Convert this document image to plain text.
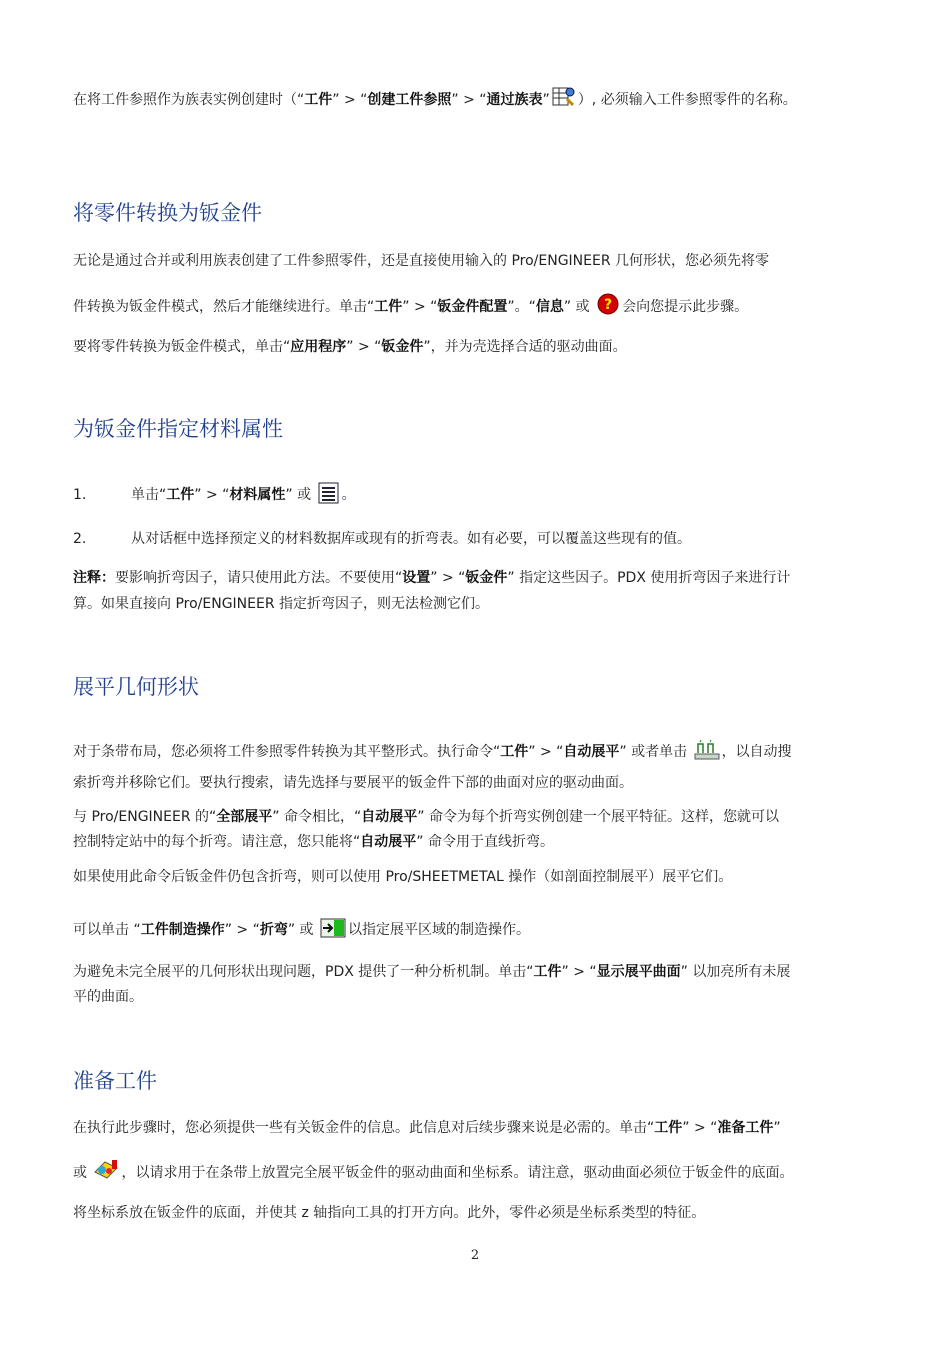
在将工件参照作为族表实例创建时（“工件” > “创建工件参照” > “通过族表” ）, 必须输入工件参照零件的名称。
将零件转换为钣金件
无论是通过合并或利用族表创建了工件参照零件，还是直接使用输入的 Pro/ENGINEER 几何形状，您必须先将零
件转换为钣金件模式，然后才能继续进行。单击“工件” > “钣金件配置”。“信息” 或 ? 会向您提示此步骤。
要将零件转换为钣金件模式，单击“应用程序” > “钣金件”，并为壳选择合适的驱动曲面。
为钣金件指定材料属性
1.	单击“工件” > “材料属性” 或 。
2.	从对话框中选择预定义的材料数据库或现有的折弯表。如有必要，可以覆盖这些现有的值。
注释：要影响折弯因子，请只使用此方法。不要使用“设置” > “钣金件” 指定这些因子。PDX 使用折弯因子来进行计
算。如果直接向 Pro/ENGINEER 指定折弯因子，则无法检测它们。
展平几何形状
对于条带布局，您必须将工件参照零件转换为其平整形式。执行命令“工件” > “自动展平” 或者单击 ，以自动搜
索折弯并移除它们。要执行搜索，请先选择与要展平的钣金件下部的曲面对应的驱动曲面。
与 Pro/ENGINEER 的“全部展平” 命令相比，“自动展平” 命令为每个折弯实例创建一个展平特征。这样，您就可以
控制特定站中的每个折弯。请注意，您只能将“自动展平” 命令用于直线折弯。
如果使用此命令后钣金件仍包含折弯，则可以使用 Pro/SHEETMETAL 操作（如剖面控制展平）展平它们。
可以单击 “工件制造操作” > “折弯” 或 以指定展平区域的制造操作。
为避免未完全展平的几何形状出现问题，PDX 提供了一种分析机制。单击“工件” > “显示展平曲面” 以加亮所有未展
平的曲面。
准备工件
在执行此步骤时，您必须提供一些有关钣金件的信息。此信息对后续步骤来说是必需的。单击“工件” > “准备工件”
或 ，以请求用于在条带上放置完全展平钣金件的驱动曲面和坐标系。请注意，驱动曲面必须位于钣金件的底面。
将坐标系放在钣金件的底面，并使其 z 轴指向工具的打开方向。此外，零件必须是坐标系类型的特征。
2
